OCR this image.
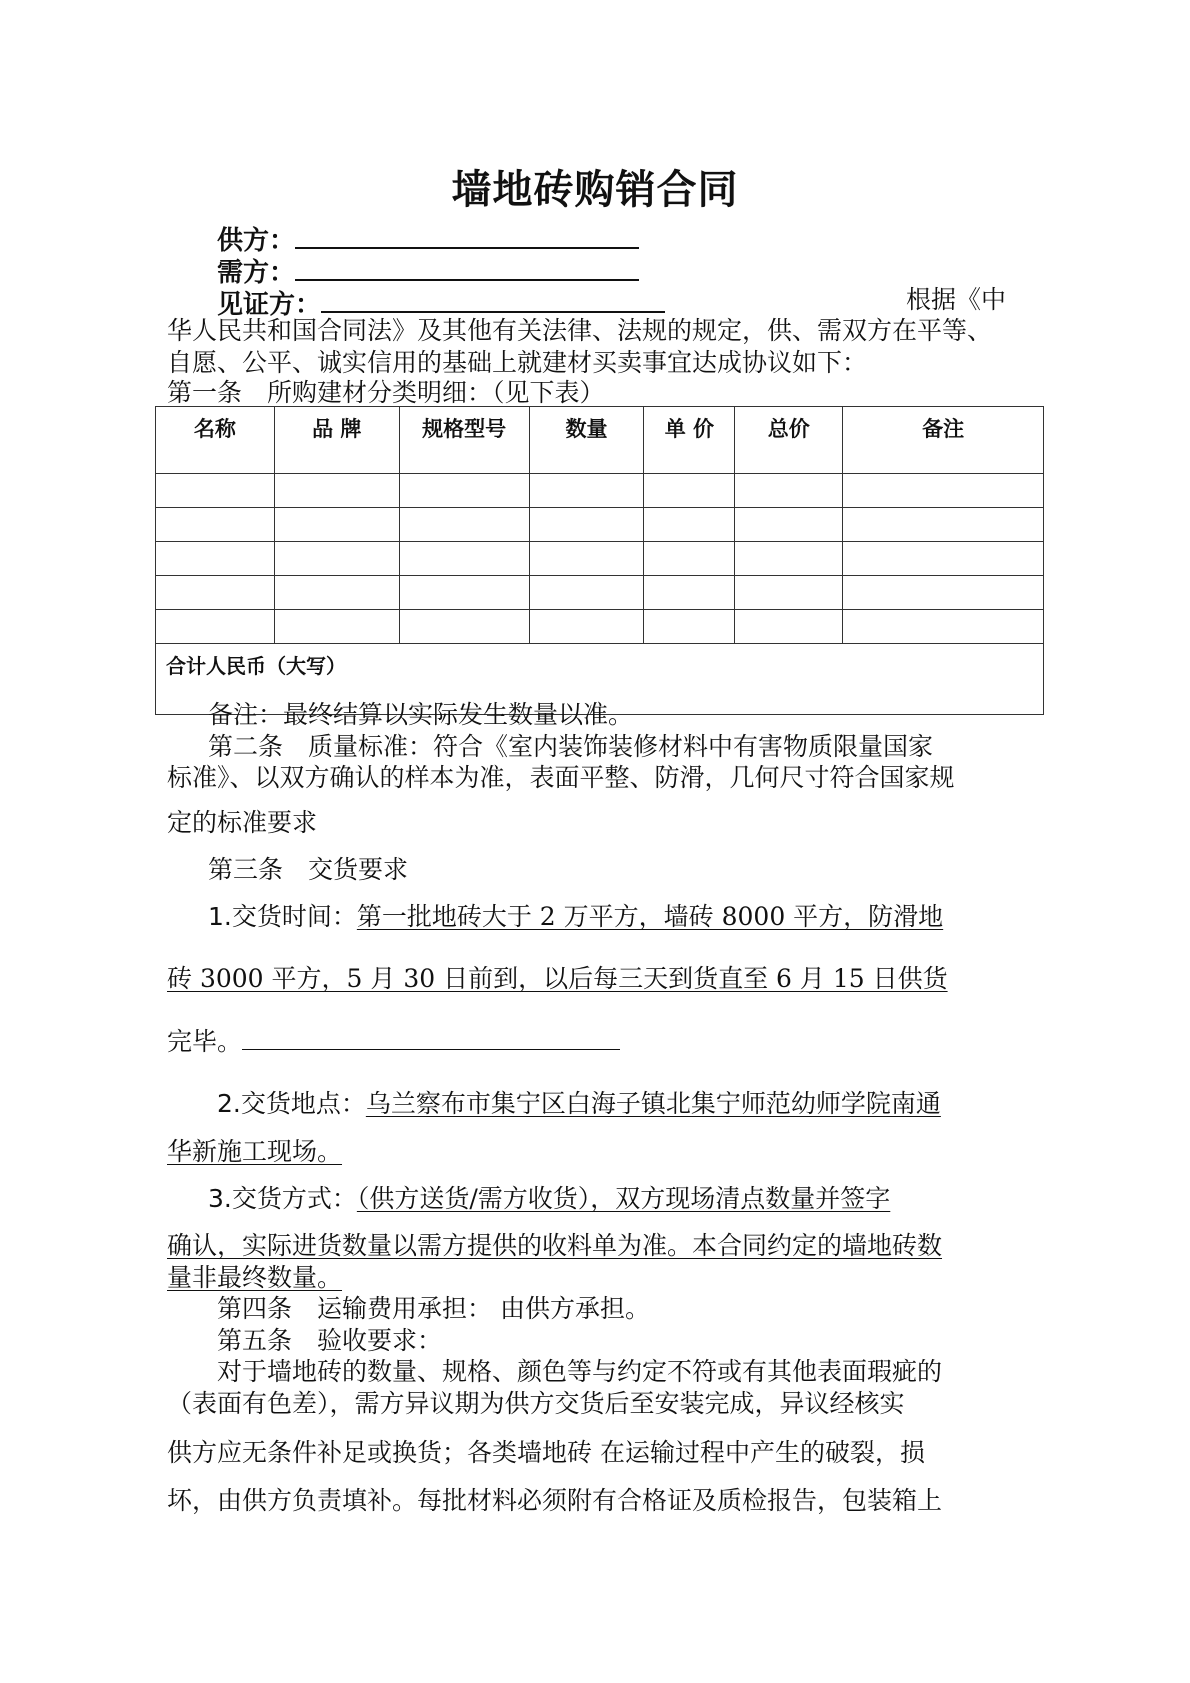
墙地砖购销合同
供方：
需方：
见证方：	根据《中
华人民共和国合同法》及其他有关法律、法规的规定，供、需双方在平等、
自愿、公平、诚实信用的基础上就建材买卖事宜达成协议如下：
第一条　所购建材分类明细：（见下表）
名称	品 牌	规格型号	数量	单 价	总价	备注

合计人民币（大写）						
备注：最终结算以实际发生数量以准。
第二条　质量标准：符合《室内装饰装修材料中有害物质限量国家
标准》、以双方确认的样本为准，表面平整、防滑，几何尺寸符合国家规
定的标准要求
第三条　交货要求
1.交货时间：第一批地砖大于 2 万平方，墙砖 8000 平方，防滑地
砖 3000 平方，5 月 30 日前到，以后每三天到货直至 6 月 15 日供货
完毕。
2.交货地点：乌兰察布市集宁区白海子镇北集宁师范幼师学院南通
华新施工现场。
3.交货方式：（供方送货/需方收货），双方现场清点数量并签字
确认，实际进货数量以需方提供的收料单为准。本合同约定的墙地砖数
量非最终数量。
第四条　运输费用承担： 由供方承担。
第五条　验收要求：
对于墙地砖的数量、规格、颜色等与约定不符或有其他表面瑕疵的
（表面有色差），需方异议期为供方交货后至安装完成，异议经核实
供方应无条件补足或换货；各类墙地砖 在运输过程中产生的破裂，损
坏，由供方负责填补。每批材料必须附有合格证及质检报告，包装箱上
